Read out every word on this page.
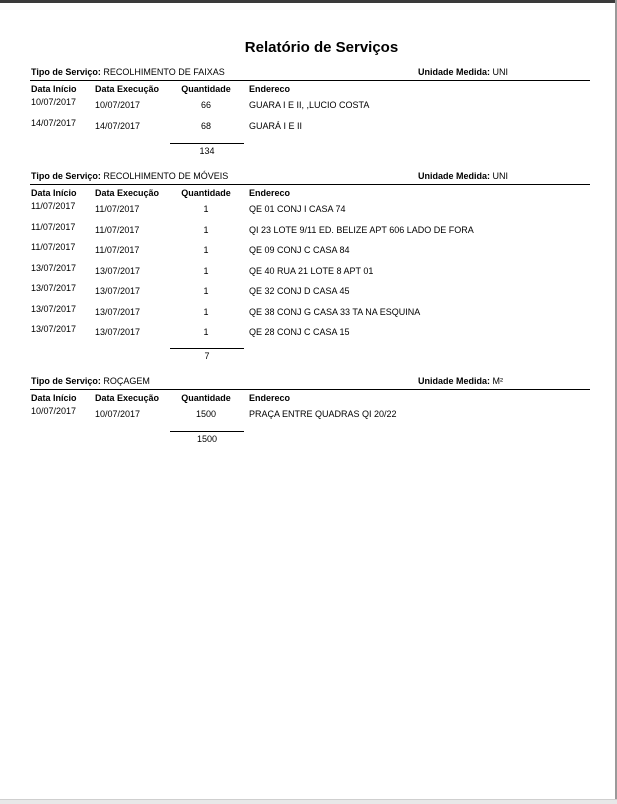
Relatório de Serviços
Tipo de Serviço: RECOLHIMENTO DE FAIXAS	Unidade Medida: UNI
Data Início Data Execução	Quantidade	Endereco
10/07/2017 10/07/2017	66	GUARA I E II, ,LUCIO COSTA
14/07/2017 14/07/2017	68	GUARÁ I E II
134
Tipo de Serviço: RECOLHIMENTO DE MÓVEIS	Unidade Medida: UNI
Data Início Data Execução	Quantidade	Endereco
11/07/2017 11/07/2017	1	QE 01 CONJ I CASA 74
11/07/2017 11/07/2017	1	QI 23 LOTE 9/11 ED. BELIZE APT 606 LADO DE FORA
11/07/2017 11/07/2017	1	QE 09 CONJ C CASA 84
13/07/2017 13/07/2017	1	QE 40 RUA 21 LOTE 8 APT 01
13/07/2017 13/07/2017	1	QE 32 CONJ D CASA 45
13/07/2017 13/07/2017	1	QE 38 CONJ G CASA 33 TA NA ESQUINA
13/07/2017 13/07/2017	1	QE 28 CONJ C CASA 15
7
Tipo de Serviço: ROÇAGEM	Unidade Medida: M²
Data Início Data Execução	Quantidade	Endereco
10/07/2017 10/07/2017	1500	PRAÇA ENTRE QUADRAS QI 20/22
1500
